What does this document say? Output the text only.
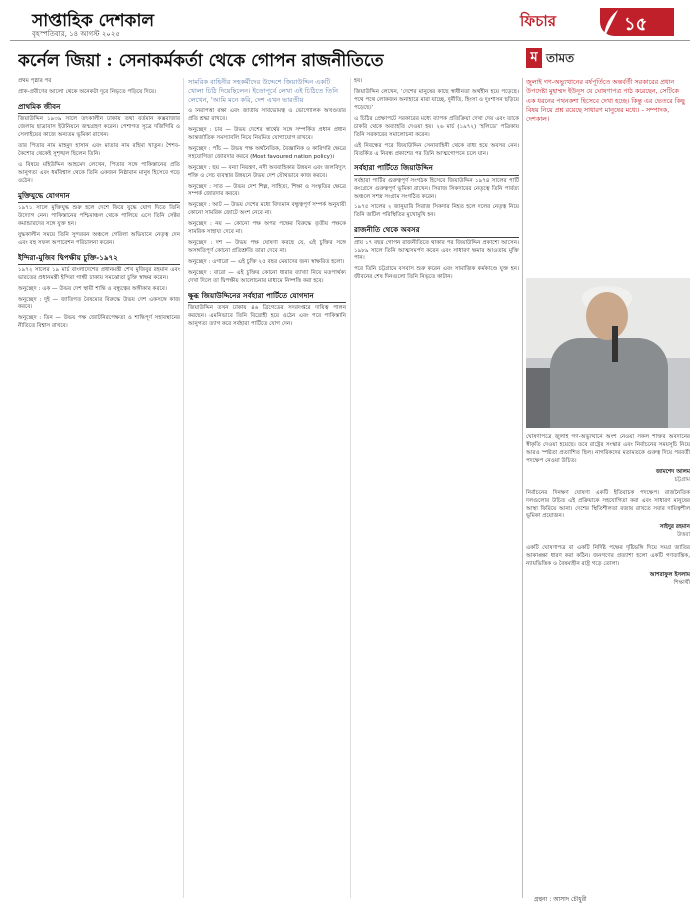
সাপ্তাহিক দেশকাল
বৃহস্পতিবার, ১৪ আগস্ট ২০২৫
ফিচার	১৫
কর্নেল জিয়া : সেনাকর্মকর্তা থেকে গোপন রাজনীতিতে
প্রথম পৃষ্ঠার পর
প্রাক-প্রবীণের আলো থেকে অনেকটা দূরে নিভৃতে পড়িয়ে দিয়ে।
প্রাথমিক জীবন

জিয়াউদ্দিন ১৯৩৯ সালে তৎকালীন ঢাকায় তথা বর্তমান কক্সবাজার জেলায় ছাত্রাবাস ইউনিয়নে জন্মগ্রহণ করেন। পেশাগত সূত্রে দর্জিগিরি ও সেলাইয়ের কাজে অন্যতম ভূমিকা রাখেন।

তার পিতার নাম মাহমুদ হাসান এবং মাতার নাম রহিমা খাতুন। শৈশব-কৈশোর থেকেই সুশৃঙ্খল ছিলেন তিনি।

এ বিষয়ে মহিউদ্দিন আহমেদ লেখেন, পিতার সঙ্গে পাকিস্তানের প্রতি আনুগত্য এবং ধর্মবিশ্বাস থেকে তিনি একজন নিষ্ঠাবান মানুষ হিসেবে গড়ে ওঠেন।

মুক্তিযুদ্ধে যোগদান

১৯৭১ সালে মুক্তিযুদ্ধ শুরু হলে দেশে ফিরে যুদ্ধে যোগ দিতে তিনি উদ্যোগ নেন। পাকিস্তানের পশ্চিমাঞ্চল থেকে পালিয়ে এসে তিনি সেক্টর কমান্ডারদের সঙ্গে যুক্ত হন।

যুদ্ধকালীন সময়ে তিনি সুন্দরবন অঞ্চলে গেরিলা অভিযানে নেতৃত্ব দেন এবং বহু সফল অপারেশন পরিচালনা করেন।

ইন্দিরা-মুজিব দ্বিপক্ষীয় চুক্তি-১৯৭২

১৯৭২ সালের ১৯ মার্চ বাংলাদেশের প্রধানমন্ত্রী শেখ মুজিবুর রহমান এবং ভারতের প্রধানমন্ত্রী ইন্দিরা গান্ধী ঢাকায় সমঝোতা চুক্তি স্বাক্ষর করেন।

অনুচ্ছেদ : এক — উভয় দেশ স্থায়ী শান্তি ও বন্ধুত্বের অঙ্গীকার করবে।

অনুচ্ছেদ : দুই — জাতিগত বৈষম্যের বিরুদ্ধে উভয় দেশ একসঙ্গে কাজ করবে।

অনুচ্ছেদ : তিন — উভয় পক্ষ জোটনিরপেক্ষতা ও শান্তিপূর্ণ সহাবস্থানের নীতিতে বিশ্বাস রাখবে।

সামরিক বাহিনীর সহকর্মীদের উদ্দেশে জিয়াউদ্দিন একটি খোলা চিঠি দিয়েছিলেন। ইতোপূর্বে লেখা এই চিঠিতে তিনি লেখেন, ‘আমি মনে করি, দেশ এখন ভারতীয়

ও নিরাপত্তা রক্ষা এবং জাতীয় সার্বভৌমত্ব ও ভৌগোলিক অখণ্ডতার প্রতি শ্রদ্ধা রাখবে।

অনুচ্ছেদ : চার — উভয় দেশের স্বার্থের সঙ্গে সম্পর্কিত প্রধান প্রধান আন্তর্জাতিক সমস্যাবলি নিয়ে নিয়মিত যোগাযোগ রাখবে।

অনুচ্ছেদ : পাঁচ — উভয় পক্ষ অর্থনৈতিক, বৈজ্ঞানিক ও কারিগরি ক্ষেত্রে সহযোগিতা জোরদার করবে (Most favoured nation policy)।

অনুচ্ছেদ : ছয় — বন্যা নিয়ন্ত্রণ, নদী অববাহিকার উন্নয়ন এবং জলবিদ্যুৎ শক্তি ও সেচ ব্যবস্থার উন্নয়নে উভয় দেশ যৌথভাবে কাজ করবে।

অনুচ্ছেদ : সাত — উভয় দেশ শিল্প, সাহিত্য, শিক্ষা ও সংস্কৃতির ক্ষেত্রে সম্পর্ক জোরদার করবে।

অনুচ্ছেদ : আট — উভয় দেশের মধ্যে বিদ্যমান বন্ধুত্বপূর্ণ সম্পর্ক অনুযায়ী কোনো সামরিক জোটে অংশ নেবে না।

অনুচ্ছেদ : নয় — কোনো পক্ষ অপর পক্ষের বিরুদ্ধে তৃতীয় পক্ষকে সামরিক সাহায্য দেবে না।

অনুচ্ছেদ : দশ — উভয় পক্ষ ঘোষণা করছে যে, এই চুক্তির সঙ্গে অসঙ্গতিপূর্ণ কোনো প্রতিশ্রুতি তারা দেবে না।

অনুচ্ছেদ : এগারো — এই চুক্তি ২৫ বছর মেয়াদের জন্য স্বাক্ষরিত হলো।

অনুচ্ছেদ : বারো — এই চুক্তির কোনো ধারার ব্যাখ্যা নিয়ে মতপার্থক্য দেখা দিলে তা দ্বিপক্ষীয় আলোচনার মাধ্যমে নিষ্পত্তি করা হবে।

ক্ষুব্ধ জিয়াউদ্দিনের সর্বহারা পার্টিতে যোগদান

জিয়াউদ্দিন তখন ঢাকায় ৪৬ ব্রিগেডের সদরদপ্তরে দায়িত্ব পালন করছেন। এমনিভাবে তিনি বিদ্রোহী হয়ে ওঠেন এবং পরে পাকিস্তানি আনুগত্য ত্যাগ করে সর্বহারা পার্টিতে যোগ দেন।

হয়।

জিয়াউদ্দিন লেখেন, ‘দেশের মানুষের কাছে স্বাধীনতা অর্থহীন হয়ে পড়েছে। পথে পথে লোকজন অনাহারে মারা যাচ্ছে, দুর্নীতি, হিংসা ও দুঃশাসন ছড়িয়ে পড়েছে।’

এ চিঠির প্রেক্ষাপটে সরকারের মধ্যে ব্যাপক প্রতিক্রিয়া দেখা দেয় এবং তাকে চাকরি থেকে অব্যাহতি দেওয়া হয়। ২৬ মার্চ (১৯৭২) ‘হলিডে’ পত্রিকায় তিনি সরকারের সমালোচনা করেন।

এই নিবন্ধের পরে জিয়াউদ্দিন সেনাবাহিনী থেকে বাধ্য হয়ে অবসর নেন। বিতর্কিত এ নিবন্ধ প্রকাশের পর তিনি আত্মগোপনে চলে যান।

সর্বহারা পার্টিতে জিয়াউদ্দিন

সর্বহারা পার্টির গুরুত্বপূর্ণ সংগঠক হিসেবে জিয়াউদ্দিন ১৯৭৪ সালের পার্টি কংগ্রেসে গুরুত্বপূর্ণ ভূমিকা রাখেন। সিরাজ সিকদারের নেতৃত্বে তিনি পার্বত্য অঞ্চলে সশস্ত্র সংগ্রাম সংগঠিত করেন।

১৯৭৫ সালের ২ জানুয়ারি সিরাজ সিকদার নিহত হলে দলের নেতৃত্ব নিয়ে তিনি জটিল পরিস্থিতির মুখোমুখি হন।

রাজনীতি থেকে অবসর

প্রায় ১৭ বছর গোপন রাজনীতিতে থাকার পর জিয়াউদ্দিন প্রকাশ্যে আসেন। ১৯৮৯ সালে তিনি আত্মসমর্পণ করেন এবং সাধারণ ক্ষমার আওতায় মুক্তি পান।

পরে তিনি চট্টগ্রামে বসবাস শুরু করেন এবং সামাজিক কর্মকাণ্ডে যুক্ত হন। জীবনের শেষ দিনগুলো তিনি নিভৃতে কাটান।

ম তামত

জুলাই গণ-অভ্যুত্থানের বর্ষপূর্তিতে অন্তর্বর্তী সরকারের প্রধান উপদেষ্টা মুহাম্মদ ইউনূস যে ঘোষণাপত্র পাঠ করেছেন, সেটিকে এক ধরনের পথনকশা হিসেবে দেখা হচ্ছে। কিন্তু এর ভেতরে কিছু বিষয় নিয়ে প্রশ্ন রয়েছে সাধারণ মানুষের মধ্যে। - সম্পাদক, দেশকাল।

ঘোষণাপত্রে জুলাই গণ-অভ্যুত্থানে অংশ নেওয়া সকল শক্তির অবদানের স্বীকৃতি দেওয়া হয়েছে। তবে রাষ্ট্রের সংস্কার এবং নির্বাচনের সময়সূচি নিয়ে আরও স্পষ্টতা প্রত্যাশিত ছিল। নাগরিকদের মতামতকে গুরুত্ব দিয়ে পরবর্তী পদক্ষেপ নেওয়া উচিত।

জামশেদ আলম
চট্টগ্রাম

নির্বাচনের দিনক্ষণ ঘোষণা একটি ইতিবাচক পদক্ষেপ। রাজনৈতিক দলগুলোর উচিত এই প্রক্রিয়াকে সহযোগিতা করা এবং সাধারণ মানুষের আস্থা ফিরিয়ে আনা। দেশের স্থিতিশীলতা বজায় রাখতে সবার দায়িত্বশীল ভূমিকা প্রয়োজন।

সাইদুর রহমান
উত্তরা

একটি ঘোষণাপত্র বা একটি নির্দিষ্ট পক্ষের দৃষ্টিভঙ্গি দিয়ে সমগ্র জাতির আকাঙ্ক্ষা ধারণ করা কঠিন। জনগণের প্রত্যাশা হলো একটি গণতান্ত্রিক, ন্যায়ভিত্তিক ও বৈষম্যহীন রাষ্ট্র গড়ে তোলা।

আশরাফুল ইসলাম
শিক্ষার্থী
গ্রন্থনা : আসাদ চৌধুরী
